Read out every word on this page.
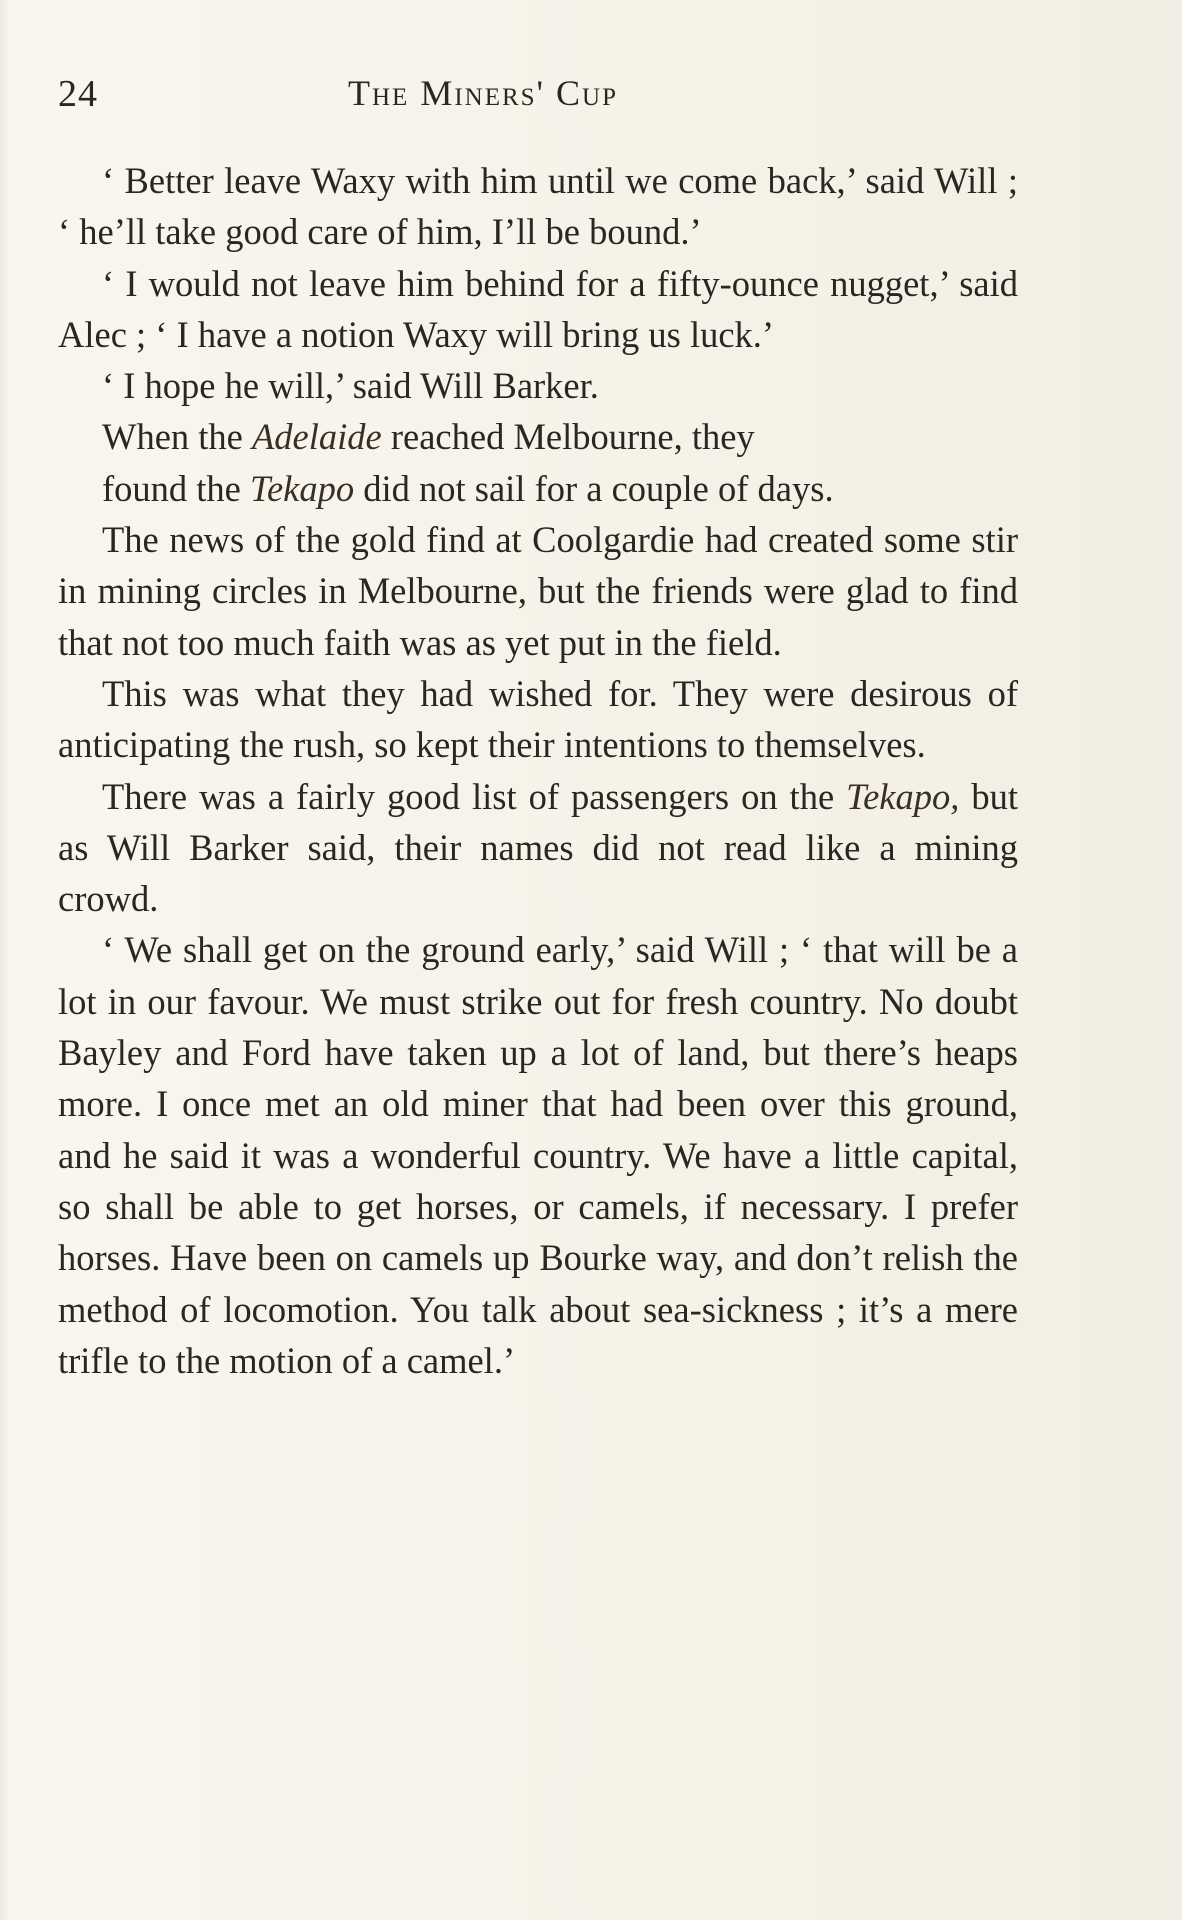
24	The Miners' Cup

‘ Better leave Waxy with him until we come back,’ said Will ; ‘ he’ll take good care of him, I’ll be bound.’

‘ I would not leave him behind for a fifty-ounce nugget,’ said Alec ; ‘ I have a notion Waxy will bring us luck.’

‘ I hope he will,’ said Will Barker.

When the Adelaide reached Melbourne, they

found the Tekapo did not sail for a couple of days.

The news of the gold find at Coolgardie had created some stir in mining circles in Melbourne, but the friends were glad to find that not too much faith was as yet put in the field.

This was what they had wished for. They were desirous of anticipating the rush, so kept their intentions to themselves.

There was a fairly good list of passengers on the Tekapo, but as Will Barker said, their names did not read like a mining crowd.

‘ We shall get on the ground early,’ said Will ; ‘ that will be a lot in our favour. We must strike out for fresh country. No doubt Bayley and Ford have taken up a lot of land, but there’s heaps more. I once met an old miner that had been over this ground, and he said it was a wonderful country. We have a little capital, so shall be able to get horses, or camels, if necessary. I prefer horses. Have been on camels up Bourke way, and don’t relish the method of locomotion. You talk about sea-sickness ; it’s a mere trifle to the motion of a camel.’
